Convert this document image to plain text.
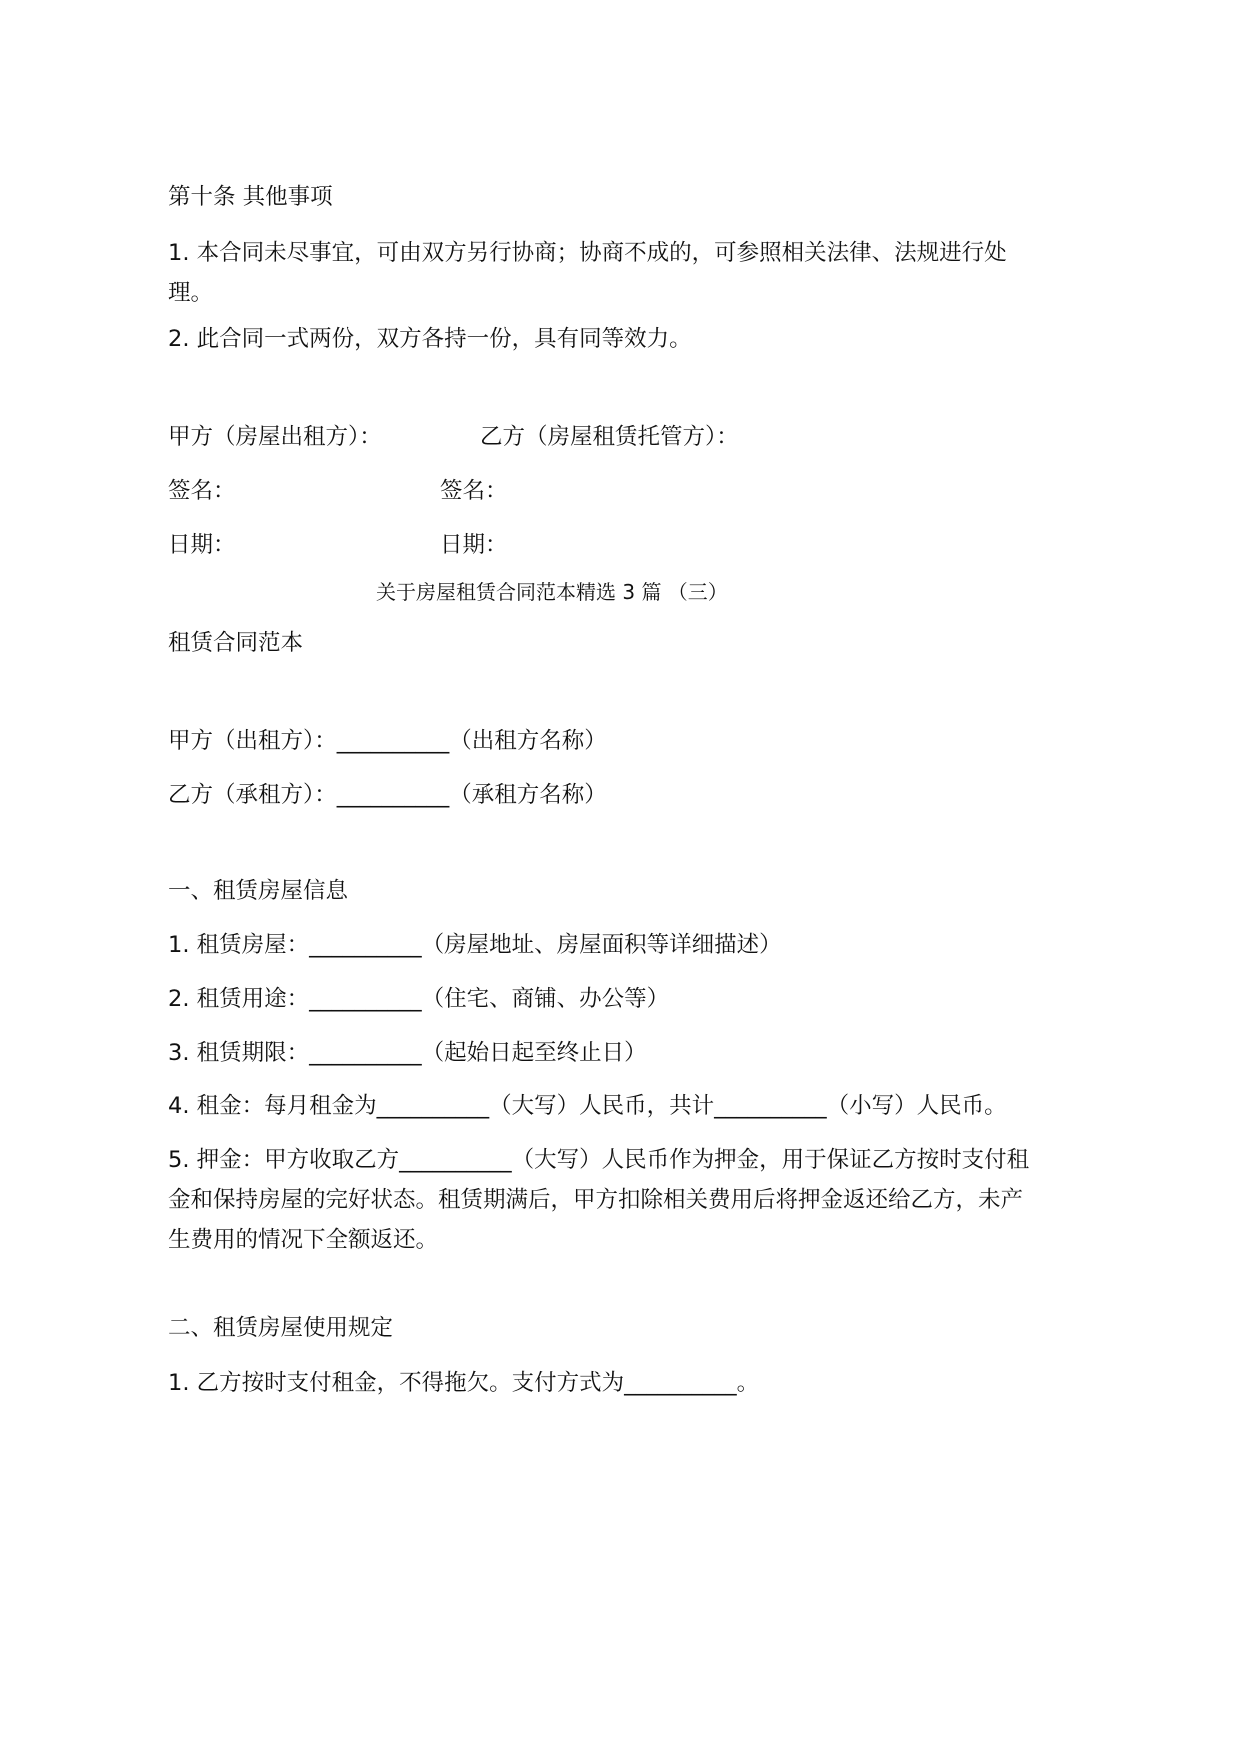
第十条 其他事项
1. 本合同未尽事宜，可由双方另行协商；协商不成的，可参照相关法律、法规进行处理。
2. 此合同一式两份，双方各持一份，具有同等效力。
甲方（房屋出租方）：	乙方（房屋租赁托管方）：
签名：	签名：
日期：	日期：
关于房屋租赁合同范本精选 3 篇 （三）
租赁合同范本
甲方（出租方）：__________（出租方名称）
乙方（承租方）：__________（承租方名称）
一、租赁房屋信息
1. 租赁房屋：__________（房屋地址、房屋面积等详细描述）
2. 租赁用途：__________（住宅、商铺、办公等）
3. 租赁期限：__________（起始日起至终止日）
4. 租金：每月租金为__________（大写）人民币，共计__________（小写）人民币。
5. 押金：甲方收取乙方__________（大写）人民币作为押金，用于保证乙方按时支付租金和保持房屋的完好状态。租赁期满后，甲方扣除相关费用后将押金返还给乙方，未产生费用的情况下全额返还。
二、租赁房屋使用规定
1. 乙方按时支付租金，不得拖欠。支付方式为__________。
